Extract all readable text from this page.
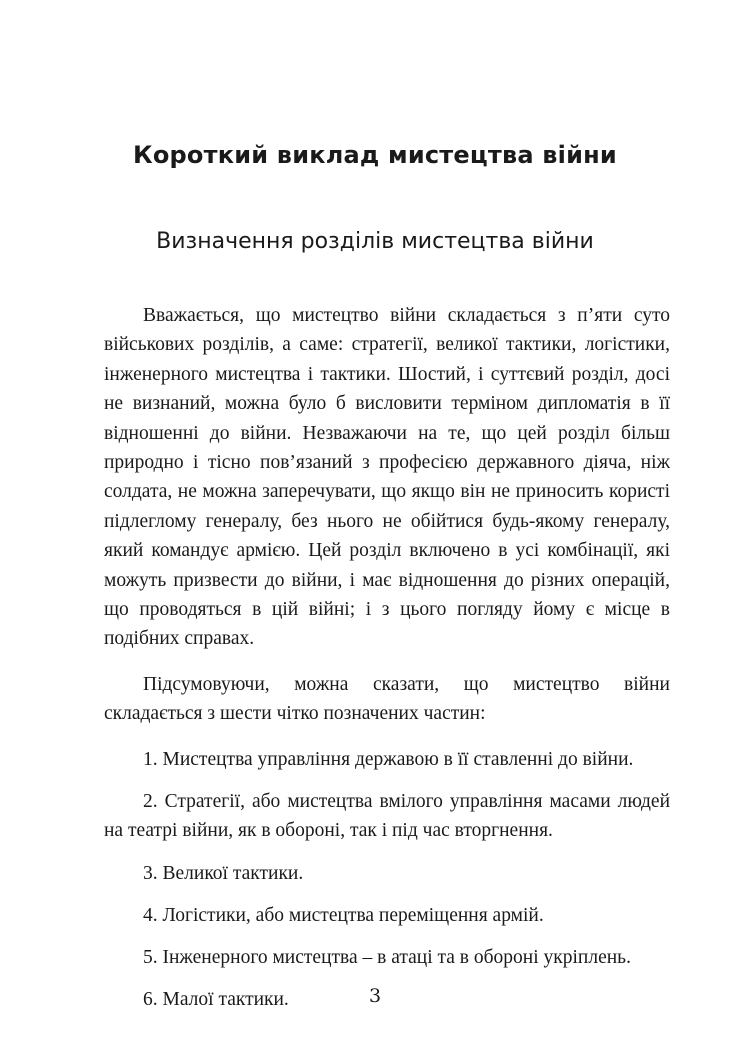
Короткий виклад мистецтва війни
Визначення розділів мистецтва війни

Вважається, що мистецтво війни складається з п’яти суто військових розділів, а саме: стратегії, великої тактики, логістики, інженерного мистецтва і тактики. Шостий, і суттєвий розділ, досі не визнаний, можна було б висловити терміном дипломатія в її відношенні до війни. Незважаючи на те, що цей розділ більш природно і тісно пов’язаний з професією державного діяча, ніж солдата, не можна заперечувати, що якщо він не приносить користі підлеглому генералу, без нього не обійтися будь-якому генералу, який командує армією. Цей розділ включено в усі комбінації, які можуть призвести до війни, і має відношення до різних операцій, що проводяться в цій війні; і з цього погляду йому є місце в подібних справах.

Підсумовуючи, можна сказати, що мистецтво війни складається з шести чітко позначених частин:

1. Мистецтва управління державою в її ставленні до війни.

2. Стратегії, або мистецтва вмілого управління масами людей на театрі війни, як в обороні, так і під час вторгнення.

3. Великої тактики.

4. Логістики, або мистецтва переміщення армій.

5. Інженерного мистецтва – в атаці та в обороні укріплень.

6. Малої тактики.	3
